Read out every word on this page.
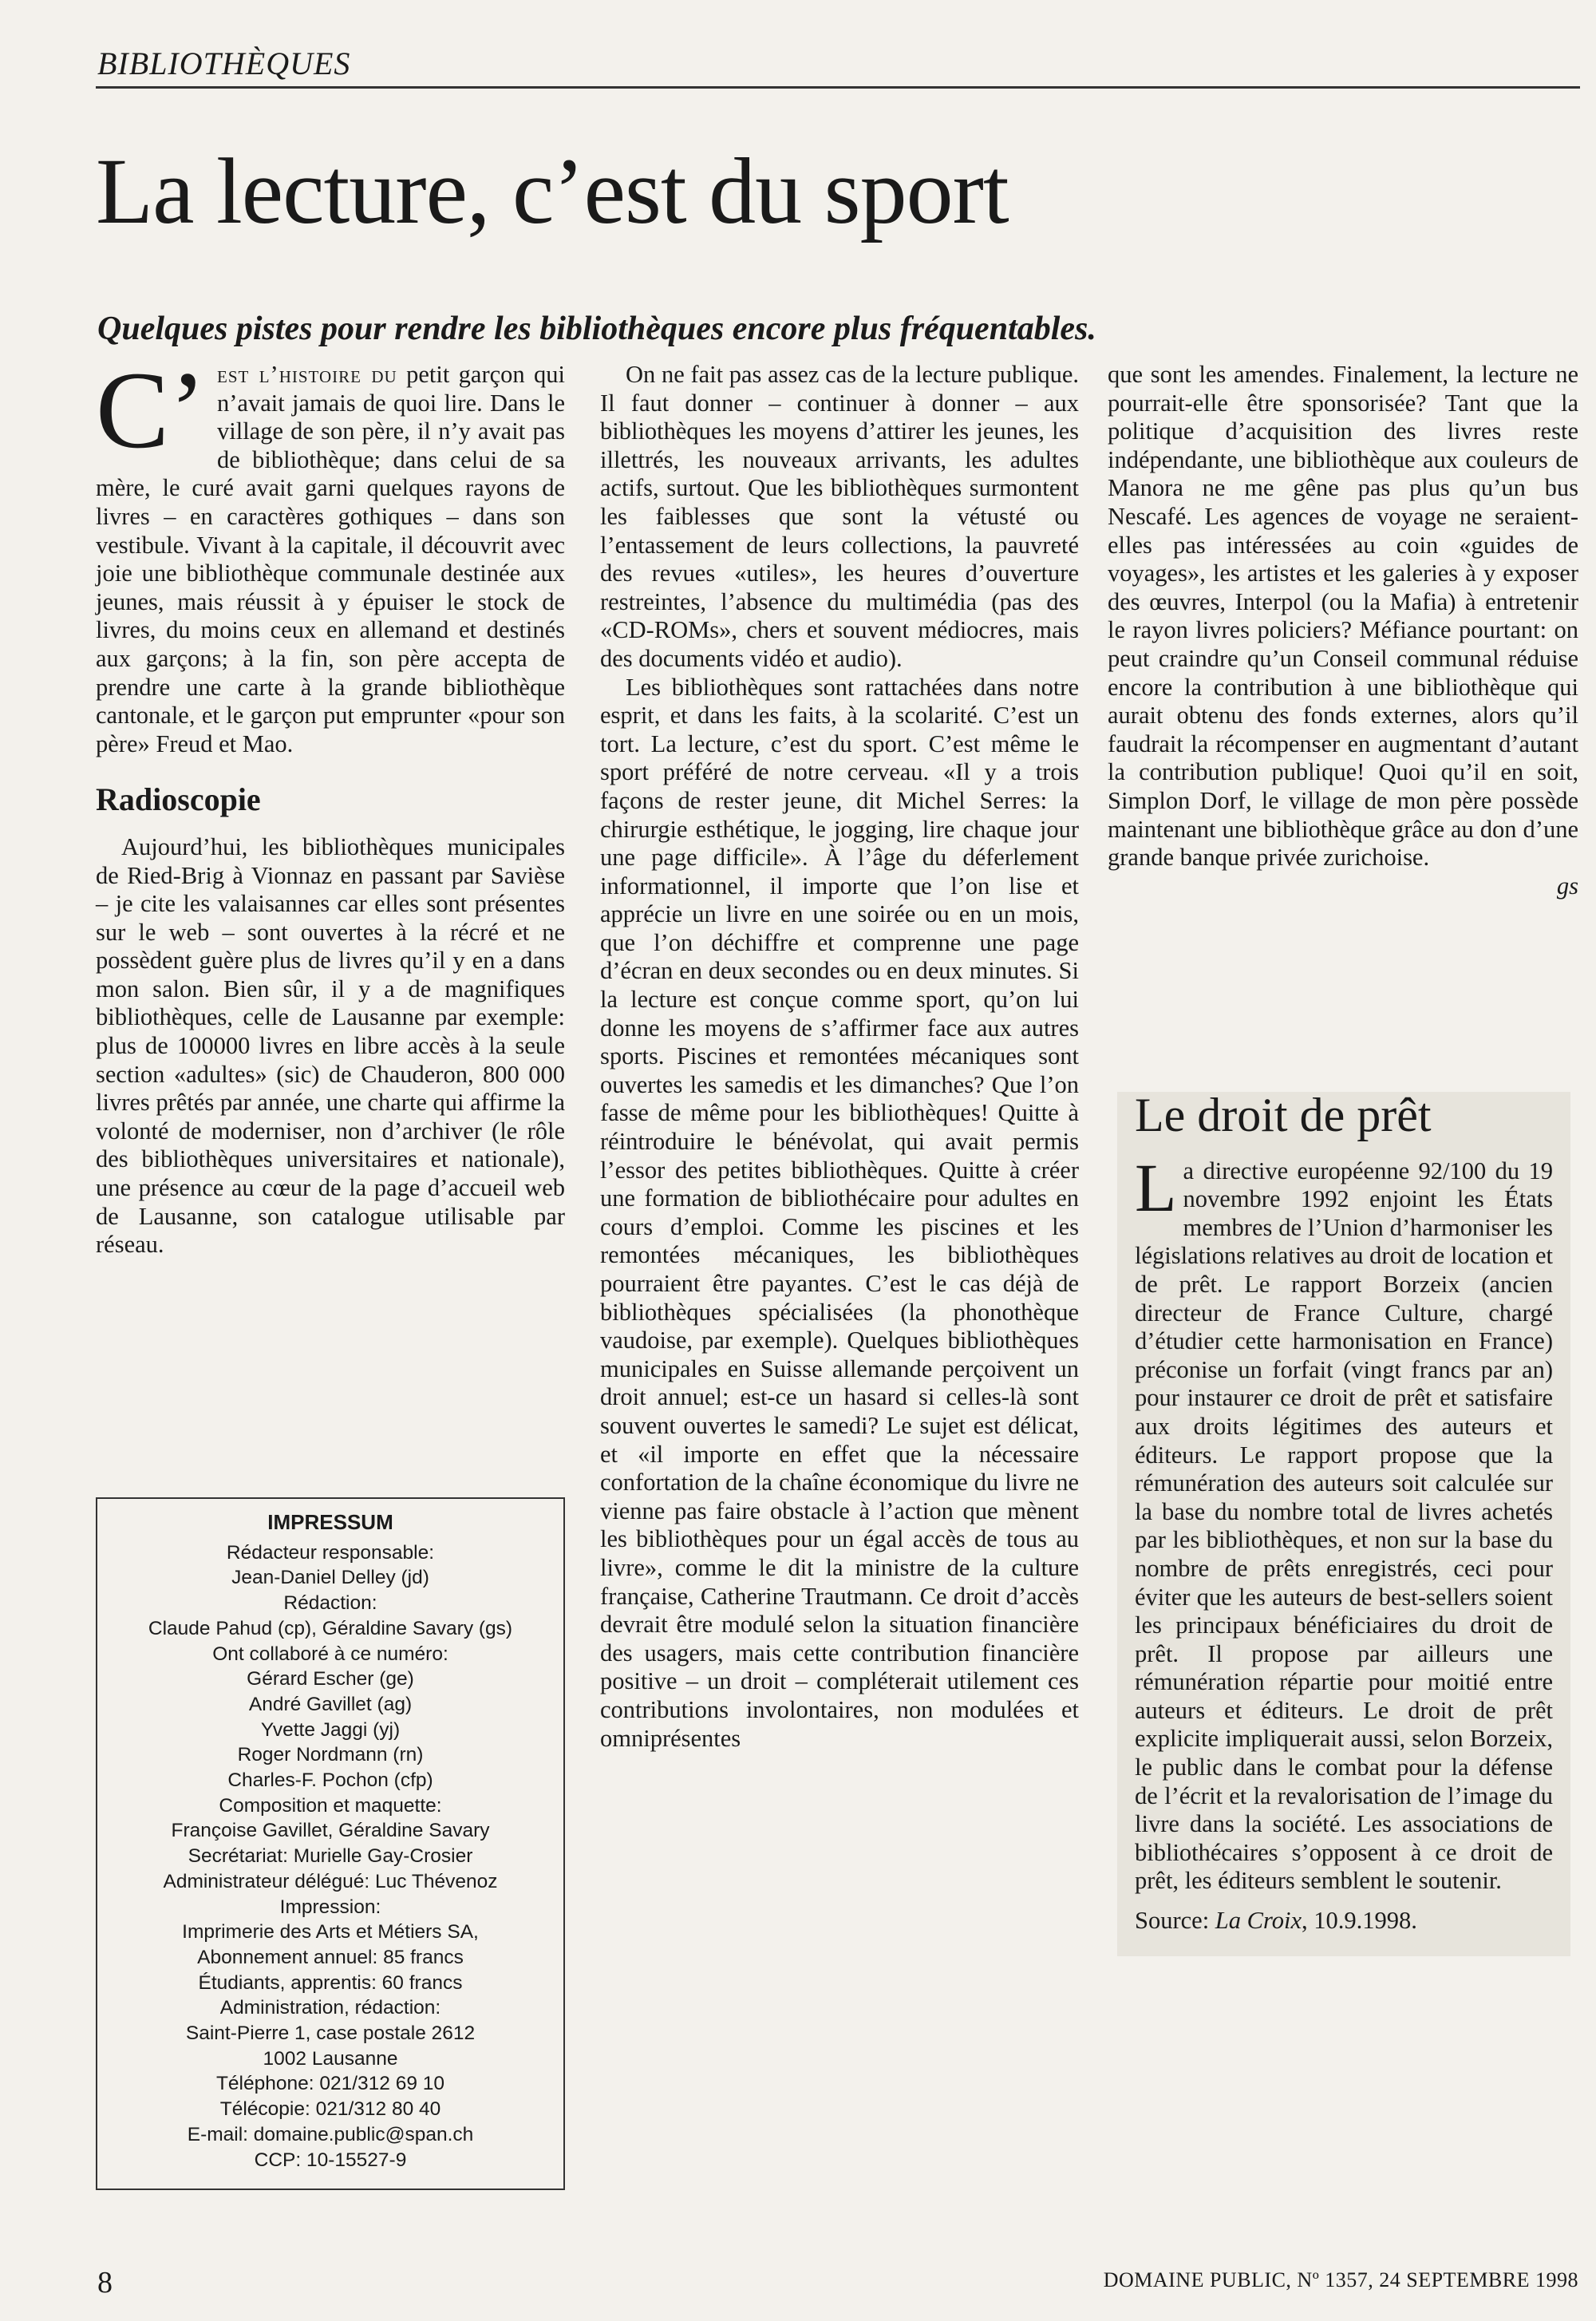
BIBLIOTHÈQUES
La lecture, c’est du sport
Quelques pistes pour rendre les bibliothèques encore plus fréquentables.

C’ est l’histoire du petit garçon qui n’avait jamais de quoi lire. Dans le village de son père, il n’y avait pas de bibliothèque; dans celui de sa mère, le curé avait garni quelques rayons de livres – en caractères gothiques – dans son vestibule. Vivant à la capitale, il découvrit avec joie une bibliothèque communale destinée aux jeunes, mais réussit à y épuiser le stock de livres, du moins ceux en allemand et destinés aux garçons; à la fin, son père accepta de prendre une carte à la grande bibliothèque cantonale, et le garçon put emprunter «pour son père» Freud et Mao.

Radioscopie

Aujourd’hui, les bibliothèques municipales de Ried-Brig à Vionnaz en passant par Savièse – je cite les valaisannes car elles sont présentes sur le web – sont ouvertes à la récré et ne possèdent guère plus de livres qu’il y en a dans mon salon. Bien sûr, il y a de magnifiques bibliothèques, celle de Lausanne par exemple: plus de 100000 livres en libre accès à la seule section «adultes» (sic) de Chauderon, 800 000 livres prêtés par année, une charte qui affirme la volonté de moderniser, non d’archiver (le rôle des bibliothèques universitaires et nationale), une présence au cœur de la page d’accueil web de Lausanne, son catalogue utilisable par réseau.

IMPRESSUM
Rédacteur responsable:
Jean-Daniel Delley (jd)
Rédaction:
Claude Pahud (cp), Géraldine Savary (gs)
Ont collaboré à ce numéro:
Gérard Escher (ge)
André Gavillet (ag)
Yvette Jaggi (yj)
Roger Nordmann (rn)
Charles-F. Pochon (cfp)
Composition et maquette:
Françoise Gavillet, Géraldine Savary
Secrétariat: Murielle Gay-Crosier
Administrateur délégué: Luc Thévenoz
Impression:
Imprimerie des Arts et Métiers SA,
Abonnement annuel: 85 francs
Étudiants, apprentis: 60 francs
Administration, rédaction:
Saint-Pierre 1, case postale 2612
1002 Lausanne
Téléphone: 021/312 69 10
Télécopie: 021/312 80 40
E-mail: domaine.public@span.ch
CCP: 10-15527-9

On ne fait pas assez cas de la lecture publique. Il faut donner – continuer à donner – aux bibliothèques les moyens d’attirer les jeunes, les illettrés, les nouveaux arrivants, les adultes actifs, surtout. Que les bibliothèques surmontent les faiblesses que sont la vétusté ou l’entassement de leurs collections, la pauvreté des revues «utiles», les heures d’ouverture restreintes, l’absence du multimédia (pas des «CD-ROMs», chers et souvent médiocres, mais des documents vidéo et audio).

Les bibliothèques sont rattachées dans notre esprit, et dans les faits, à la scolarité. C’est un tort. La lecture, c’est du sport. C’est même le sport préféré de notre cerveau. «Il y a trois façons de rester jeune, dit Michel Serres: la chirurgie esthétique, le jogging, lire chaque jour une page difficile». À l’âge du déferlement informationnel, il importe que l’on lise et apprécie un livre en une soirée ou en un mois, que l’on déchiffre et comprenne une page d’écran en deux secondes ou en deux minutes. Si la lecture est conçue comme sport, qu’on lui donne les moyens de s’affirmer face aux autres sports. Piscines et remontées mécaniques sont ouvertes les samedis et les dimanches? Que l’on fasse de même pour les bibliothèques! Quitte à réintroduire le bénévolat, qui avait permis l’essor des petites bibliothèques. Quitte à créer une formation de bibliothécaire pour adultes en cours d’emploi. Comme les piscines et les remontées mécaniques, les bibliothèques pourraient être payantes. C’est le cas déjà de bibliothèques spécialisées (la phonothèque vaudoise, par exemple). Quelques bibliothèques municipales en Suisse allemande perçoivent un droit annuel; est-ce un hasard si celles-là sont souvent ouvertes le samedi? Le sujet est délicat, et «il importe en effet que la nécessaire confortation de la chaîne économique du livre ne vienne pas faire obstacle à l’action que mènent les bibliothèques pour un égal accès de tous au livre», comme le dit la ministre de la culture française, Catherine Trautmann. Ce droit d’accès devrait être modulé selon la situation financière des usagers, mais cette contribution financière positive – un droit – compléterait utilement ces contributions involontaires, non modulées et omniprésentes

que sont les amendes. Finalement, la lecture ne pourrait-elle être sponsorisée? Tant que la politique d’acquisition des livres reste indépendante, une bibliothèque aux couleurs de Manora ne me gêne pas plus qu’un bus Nescafé. Les agences de voyage ne seraient-elles pas intéressées au coin «guides de voyages», les artistes et les galeries à y exposer des œuvres, Interpol (ou la Mafia) à entretenir le rayon livres policiers? Méfiance pourtant: on peut craindre qu’un Conseil communal réduise encore la contribution à une bibliothèque qui aurait obtenu des fonds externes, alors qu’il faudrait la récompenser en augmentant d’autant la contribution publique! Quoi qu’il en soit, Simplon Dorf, le village de mon père possède maintenant une bibliothèque grâce au don d’une grande banque privée zurichoise.
gs

Le droit de prêt

L a directive européenne 92/100 du 19 novembre 1992 enjoint les États membres de l’Union d’harmoniser les législations relatives au droit de location et de prêt. Le rapport Borzeix (ancien directeur de France Culture, chargé d’étudier cette harmonisation en France) préconise un forfait (vingt francs par an) pour instaurer ce droit de prêt et satisfaire aux droits légitimes des auteurs et éditeurs. Le rapport propose que la rémunération des auteurs soit calculée sur la base du nombre total de livres achetés par les bibliothèques, et non sur la base du nombre de prêts enregistrés, ceci pour éviter que les auteurs de best-sellers soient les principaux bénéficiaires du droit de prêt. Il propose par ailleurs une rémunération répartie pour moitié entre auteurs et éditeurs. Le droit de prêt explicite impliquerait aussi, selon Borzeix, le public dans le combat pour la défense de l’écrit et la revalorisation de l’image du livre dans la société. Les associations de bibliothécaires s’opposent à ce droit de prêt, les éditeurs semblent le soutenir.

Source: La Croix, 10.9.1998.

8	DOMAINE PUBLIC, Nº 1357, 24 SEPTEMBRE 1998
